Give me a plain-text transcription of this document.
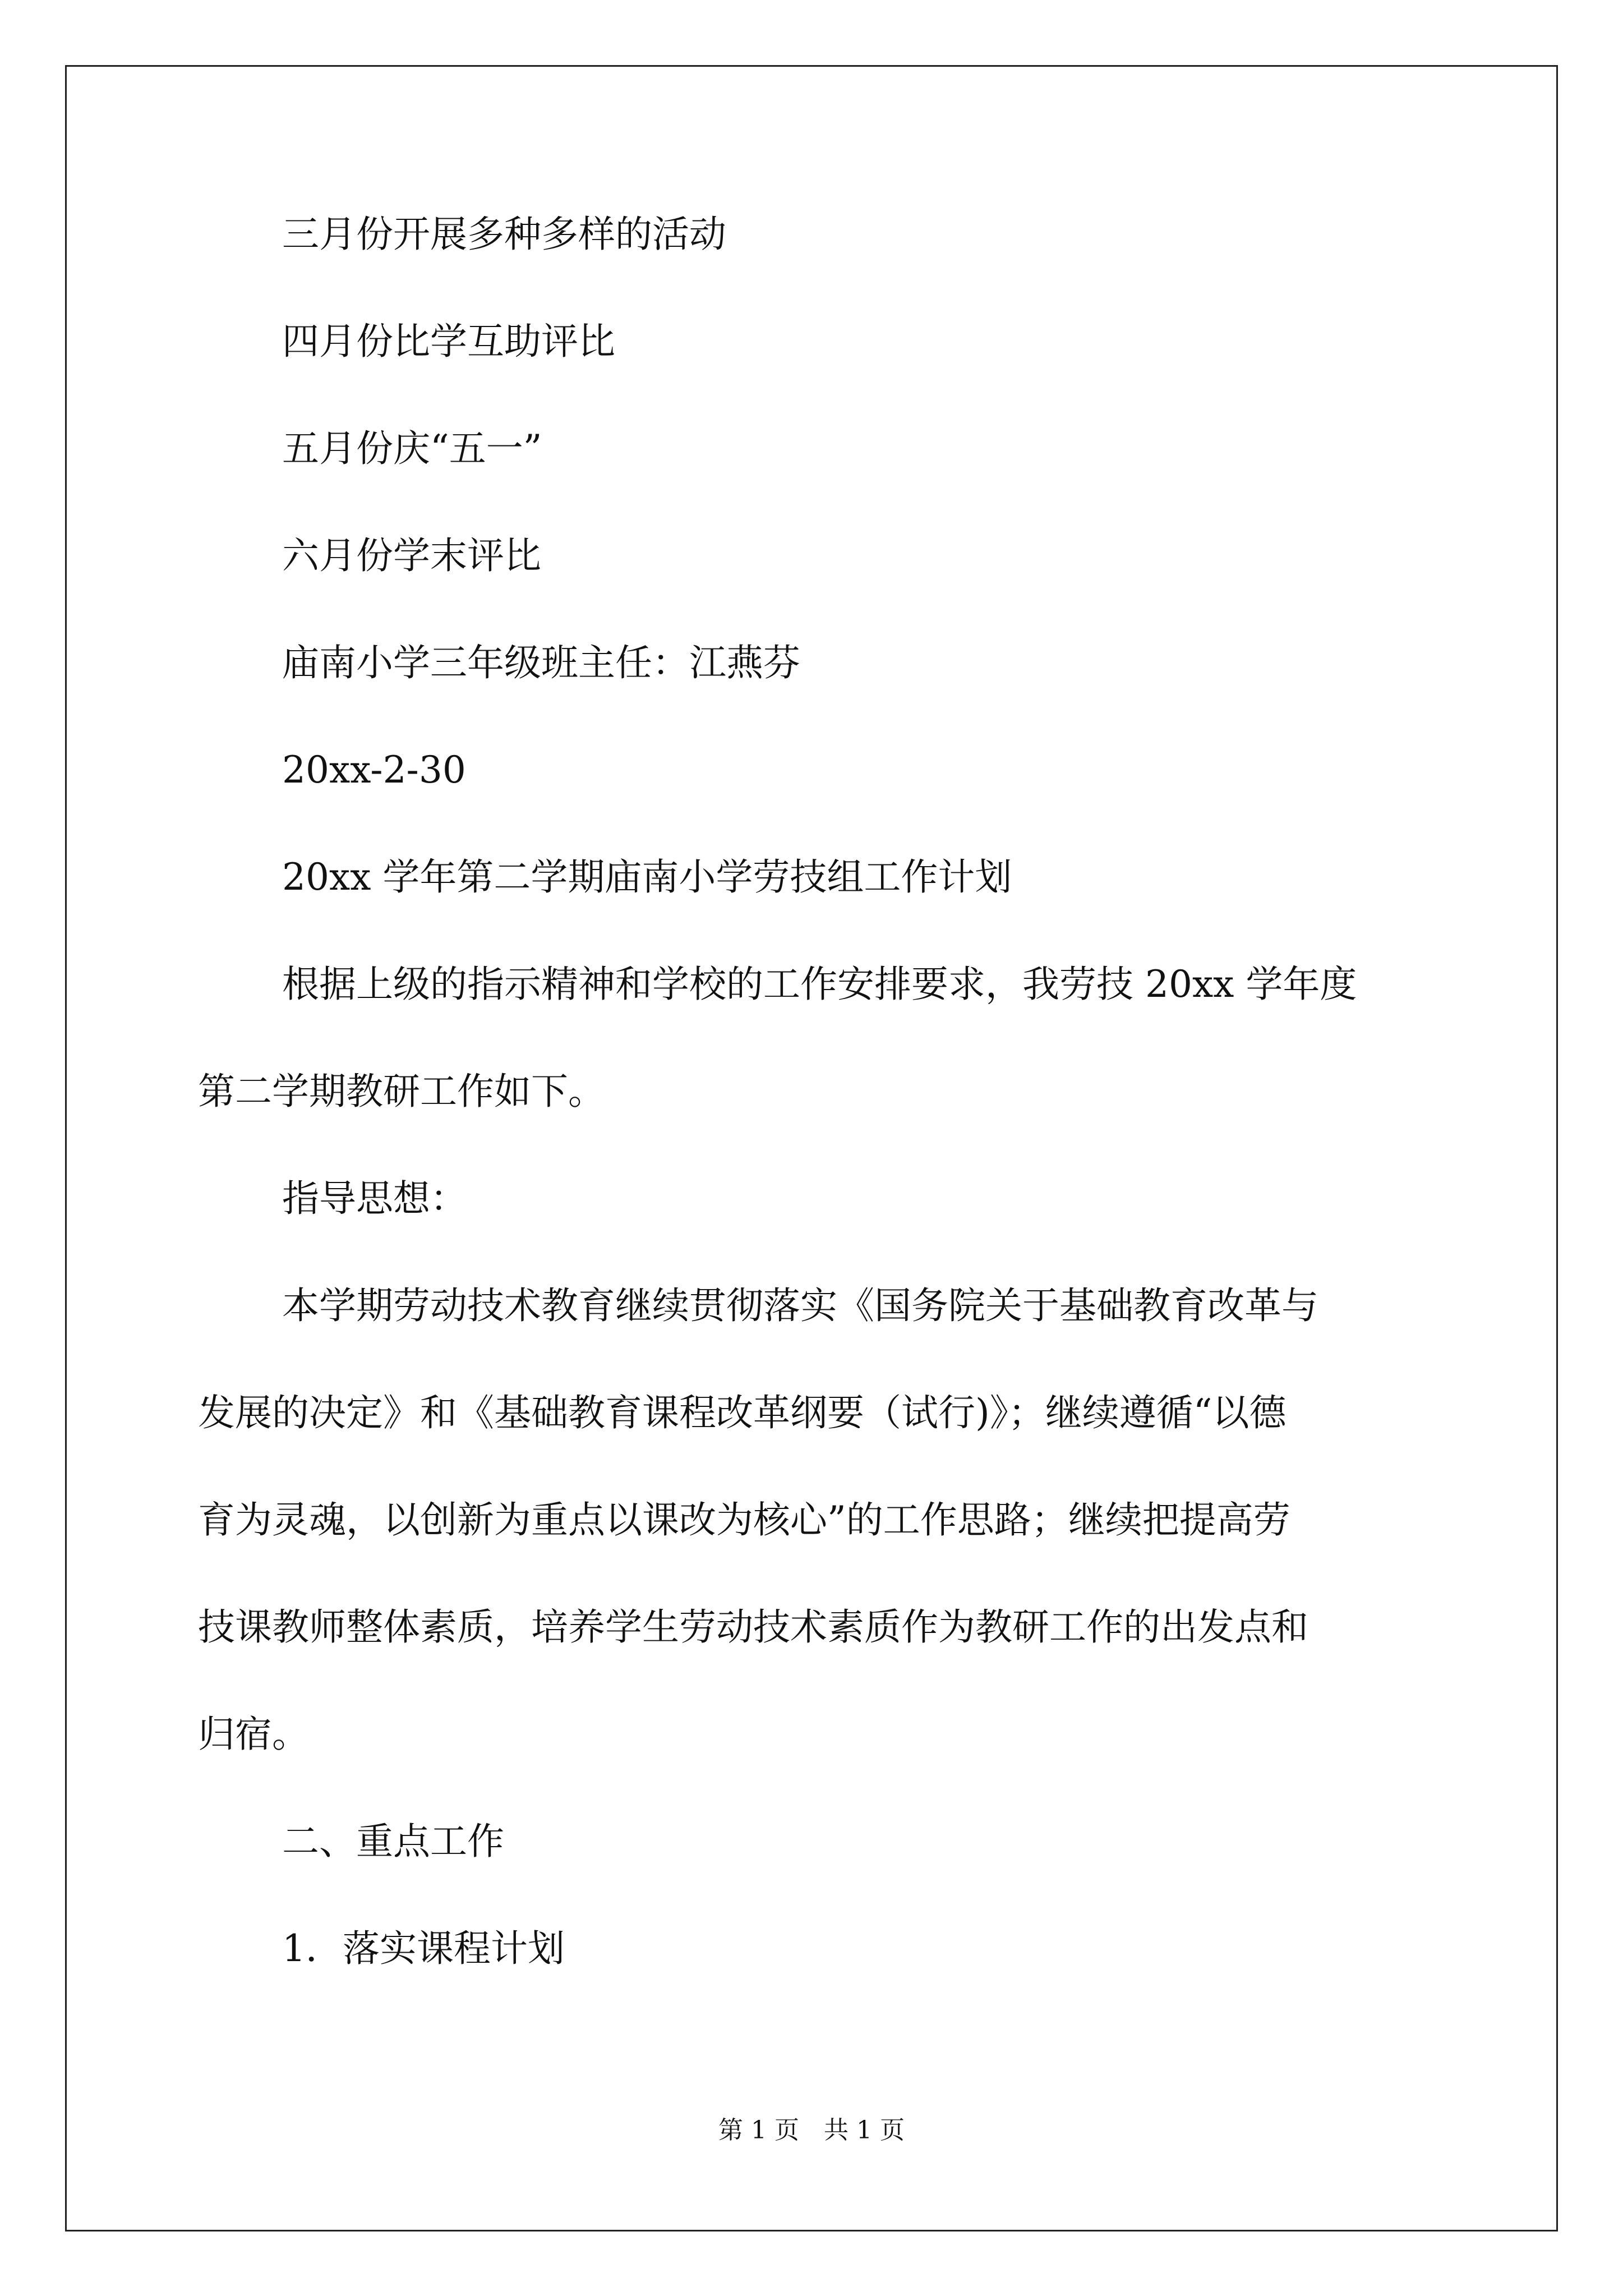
三月份开展多种多样的活动

四月份比学互助评比

五月份庆“五一”

六月份学末评比

庙南小学三年级班主任：江燕芬

20xx-2-30

20xx 学年第二学期庙南小学劳技组工作计划

根据上级的指示精神和学校的工作安排要求，我劳技 20xx 学年度

第二学期教研工作如下。

指导思想：

本学期劳动技术教育继续贯彻落实《国务院关于基础教育改革与

发展的决定》和《基础教育课程改革纲要（试行)》；继续遵循“以德

育为灵魂，以创新为重点以课改为核心”的工作思路；继续把提高劳

技课教师整体素质，培养学生劳动技术素质作为教研工作的出发点和

归宿。

二、重点工作

1．落实课程计划

第 1 页　共 1 页
